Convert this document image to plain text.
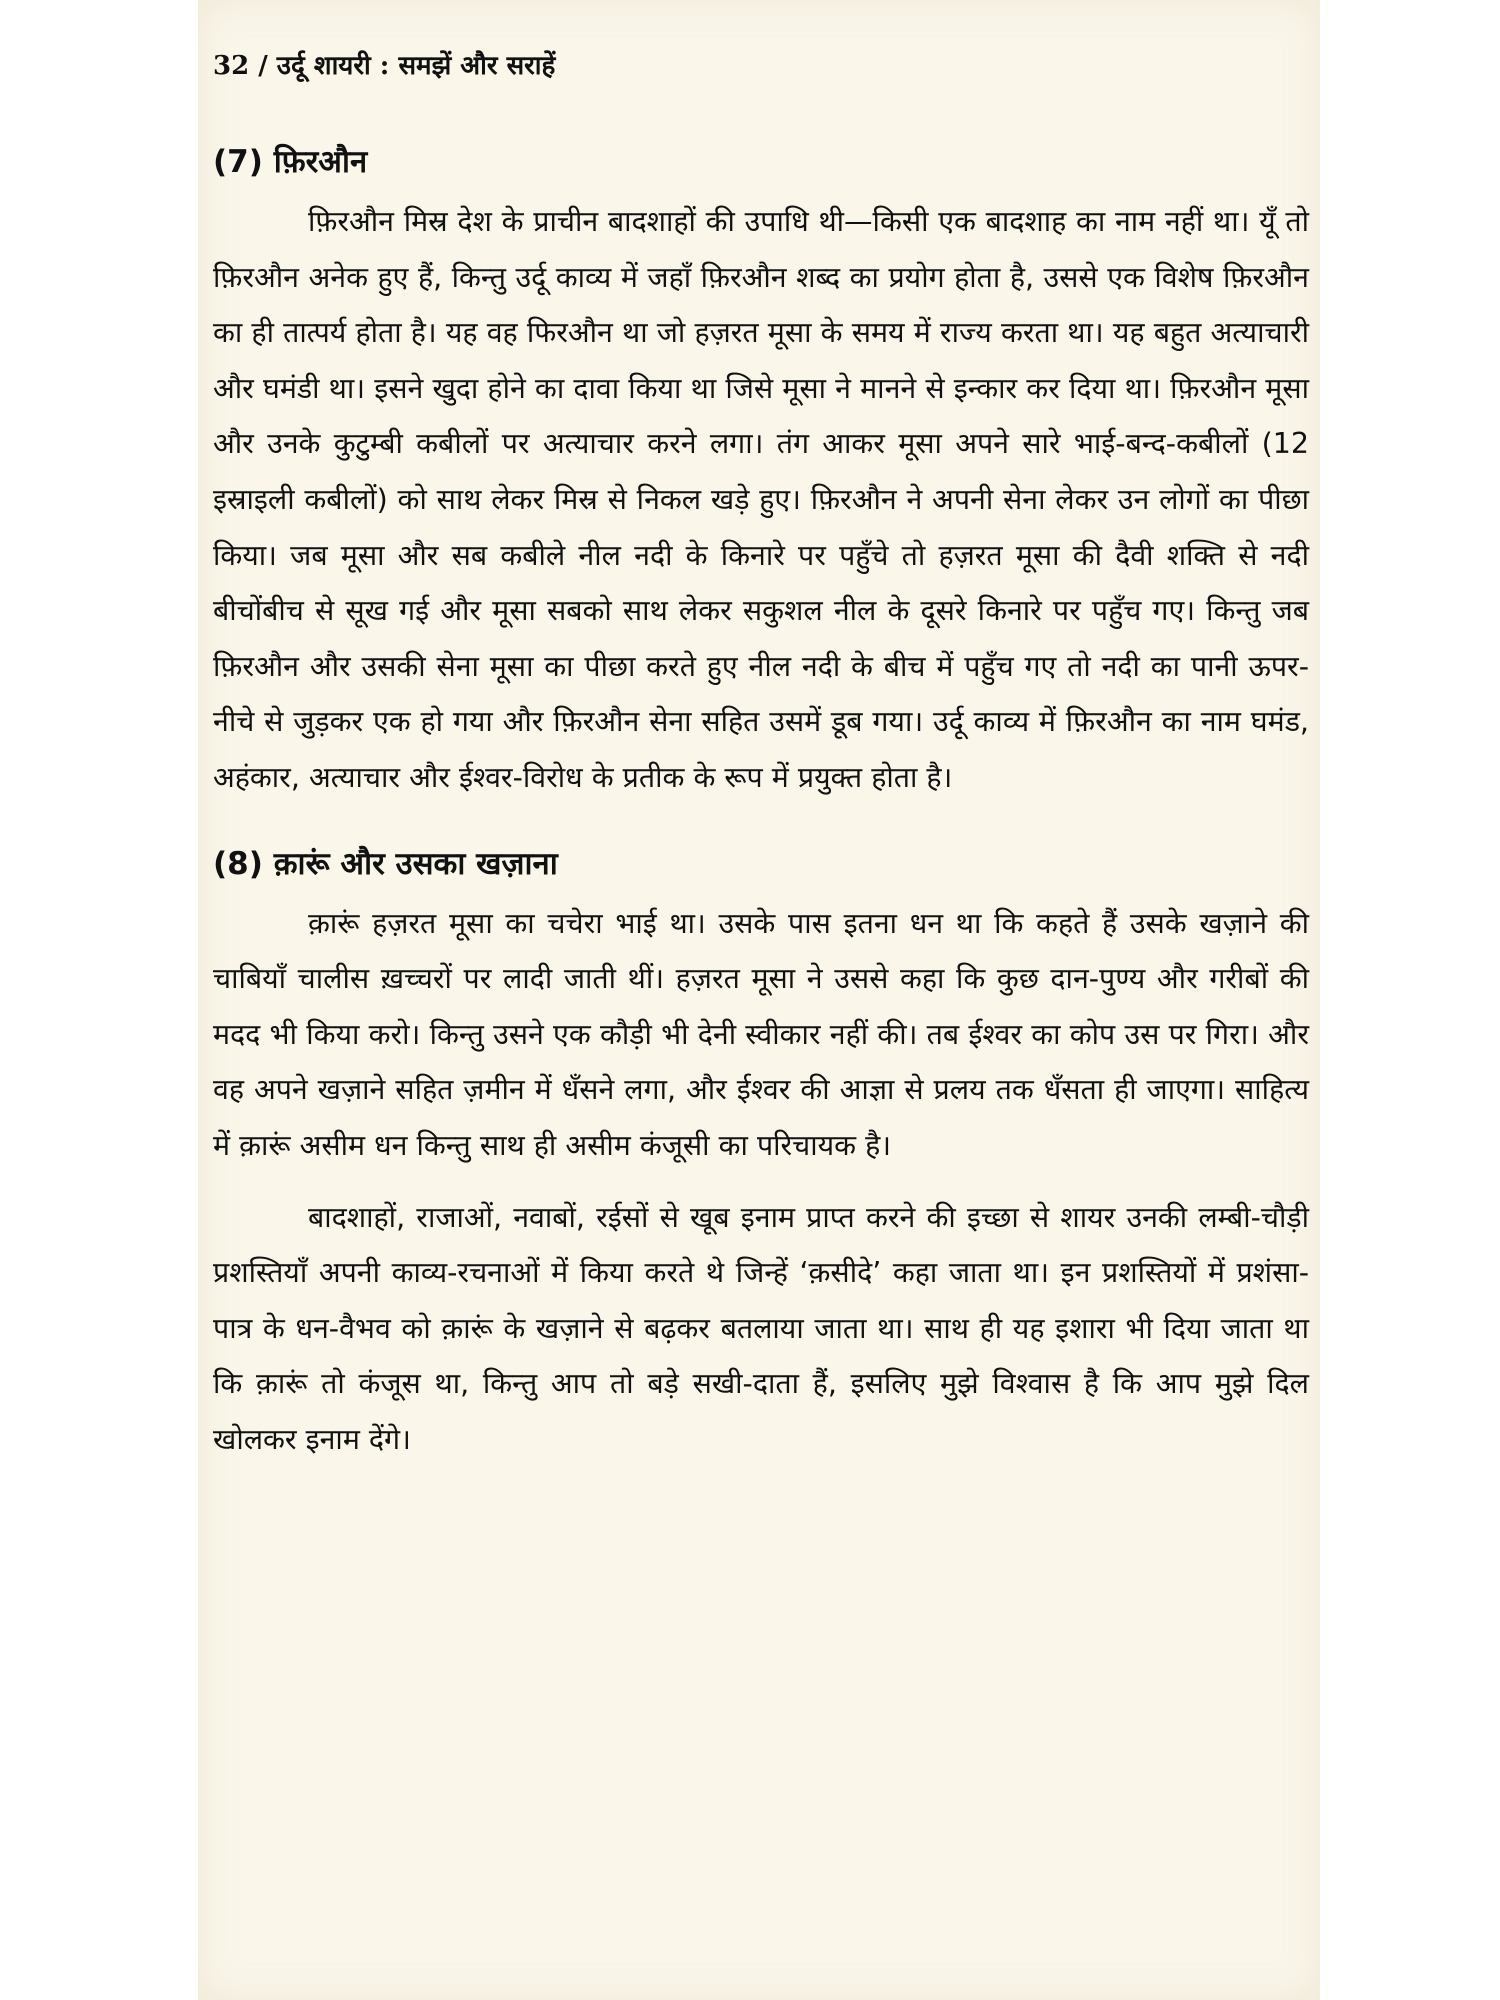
32 / उर्दू शायरी : समझें और सराहें
(7) फ़िरऔन

फ़िरऔन मिस्र देश के प्राचीन बादशाहों की उपाधि थी—किसी एक बादशाह का नाम नहीं था। यूँ तो फ़िरऔन अनेक हुए हैं, किन्तु उर्दू काव्य में जहाँ फ़िरऔन शब्द का प्रयोग होता है, उससे एक विशेष फ़िरऔन का ही तात्पर्य होता है। यह वह फिरऔन था जो हज़रत मूसा के समय में राज्य करता था। यह बहुत अत्याचारी और घमंडी था। इसने खुदा होने का दावा किया था जिसे मूसा ने मानने से इन्कार कर दिया था। फ़िरऔन मूसा और उनके कुटुम्बी कबीलों पर अत्याचार करने लगा। तंग आकर मूसा अपने सारे भाई-बन्द-कबीलों (12 इस्राइली कबीलों) को साथ लेकर मिस्र से निकल खड़े हुए। फ़िरऔन ने अपनी सेना लेकर उन लोगों का पीछा किया। जब मूसा और सब कबीले नील नदी के किनारे पर पहुँचे तो हज़रत मूसा की दैवी शक्ति से नदी बीचोंबीच से सूख गई और मूसा सबको साथ लेकर सकुशल नील के दूसरे किनारे पर पहुँच गए। किन्तु जब फ़िरऔन और उसकी सेना मूसा का पीछा करते हुए नील नदी के बीच में पहुँच गए तो नदी का पानी ऊपर-नीचे से जुड़कर एक हो गया और फ़िरऔन सेना सहित उसमें डूब गया। उर्दू काव्य में फ़िरऔन का नाम घमंड, अहंकार, अत्याचार और ईश्वर-विरोध के प्रतीक के रूप में प्रयुक्त होता है।

(8) क़ारूं और उसका खज़ाना

क़ारूं हज़रत मूसा का चचेरा भाई था। उसके पास इतना धन था कि कहते हैं उसके खज़ाने की चाबियाँ चालीस ख़च्चरों पर लादी जाती थीं। हज़रत मूसा ने उससे कहा कि कुछ दान-पुण्य और गरीबों की मदद भी किया करो। किन्तु उसने एक कौड़ी भी देनी स्वीकार नहीं की। तब ईश्वर का कोप उस पर गिरा। और वह अपने खज़ाने सहित ज़मीन में धँसने लगा, और ईश्वर की आज्ञा से प्रलय तक धँसता ही जाएगा। साहित्य में क़ारूं असीम धन किन्तु साथ ही असीम कंजूसी का परिचायक है।

बादशाहों, राजाओं, नवाबों, रईसों से खूब इनाम प्राप्त करने की इच्छा से शायर उनकी लम्बी-चौड़ी प्रशस्तियाँ अपनी काव्य-रचनाओं में किया करते थे जिन्हें ‘क़सीदे’ कहा जाता था। इन प्रशस्तियों में प्रशंसा-पात्र के धन-वैभव को क़ारूं के खज़ाने से बढ़कर बतलाया जाता था। साथ ही यह इशारा भी दिया जाता था कि क़ारूं तो कंजूस था, किन्तु आप तो बड़े सखी-दाता हैं, इसलिए मुझे विश्वास है कि आप मुझे दिल खोलकर इनाम देंगे।
